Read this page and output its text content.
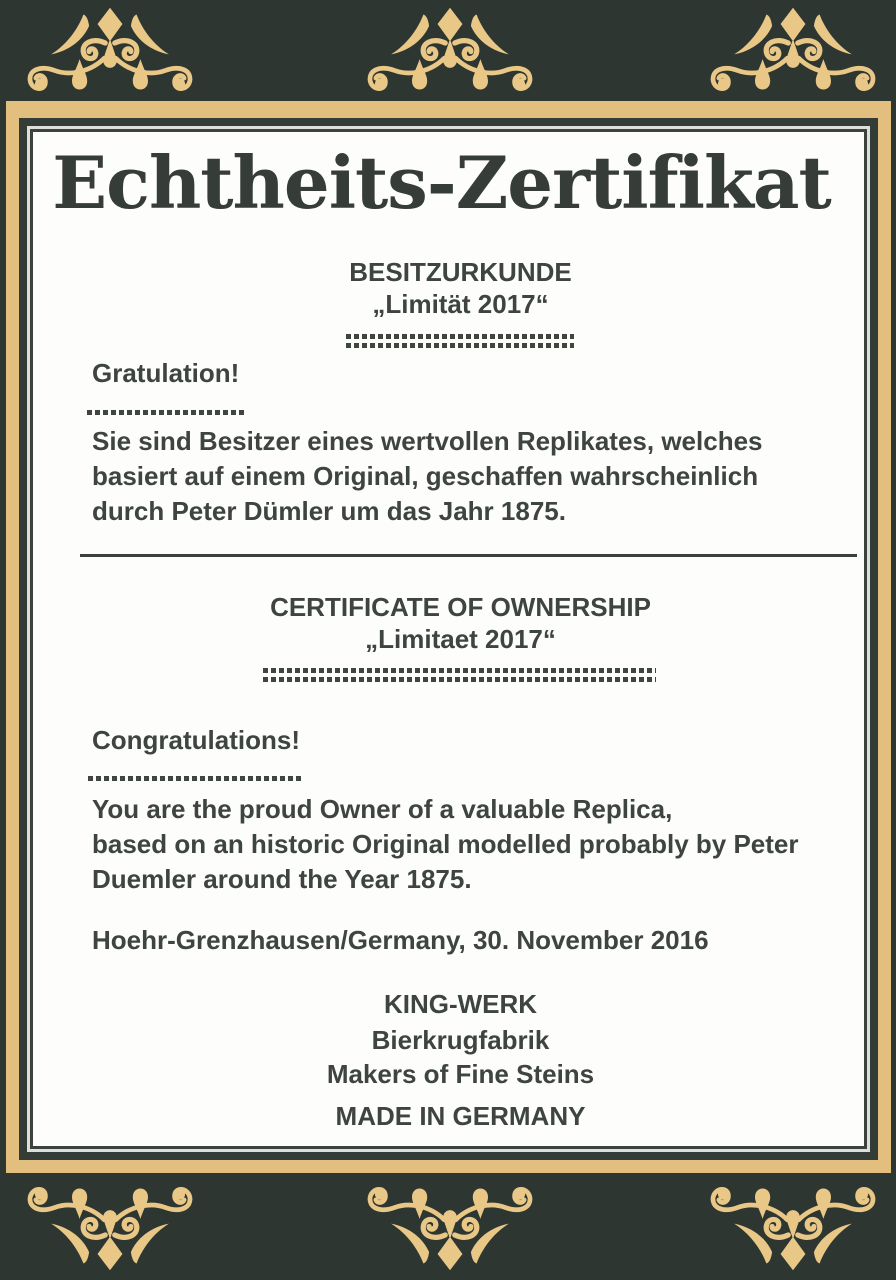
Echtheits-Zertifikat
BESITZURKUNDE
„Limität 2017“
Gratulation!
Sie sind Besitzer eines wertvollen Replikates, welches
basiert auf einem Original, geschaffen wahrscheinlich
durch Peter Dümler um das Jahr 1875.
CERTIFICATE OF OWNERSHIP
„Limitaet 2017“
Congratulations!
You are the proud Owner of a valuable Replica,
based on an historic Original modelled probably by Peter
Duemler around the Year 1875.
Hoehr-Grenzhausen/Germany, 30. November 2016
KING-WERK
Bierkrugfabrik
Makers of Fine Steins
MADE IN GERMANY
